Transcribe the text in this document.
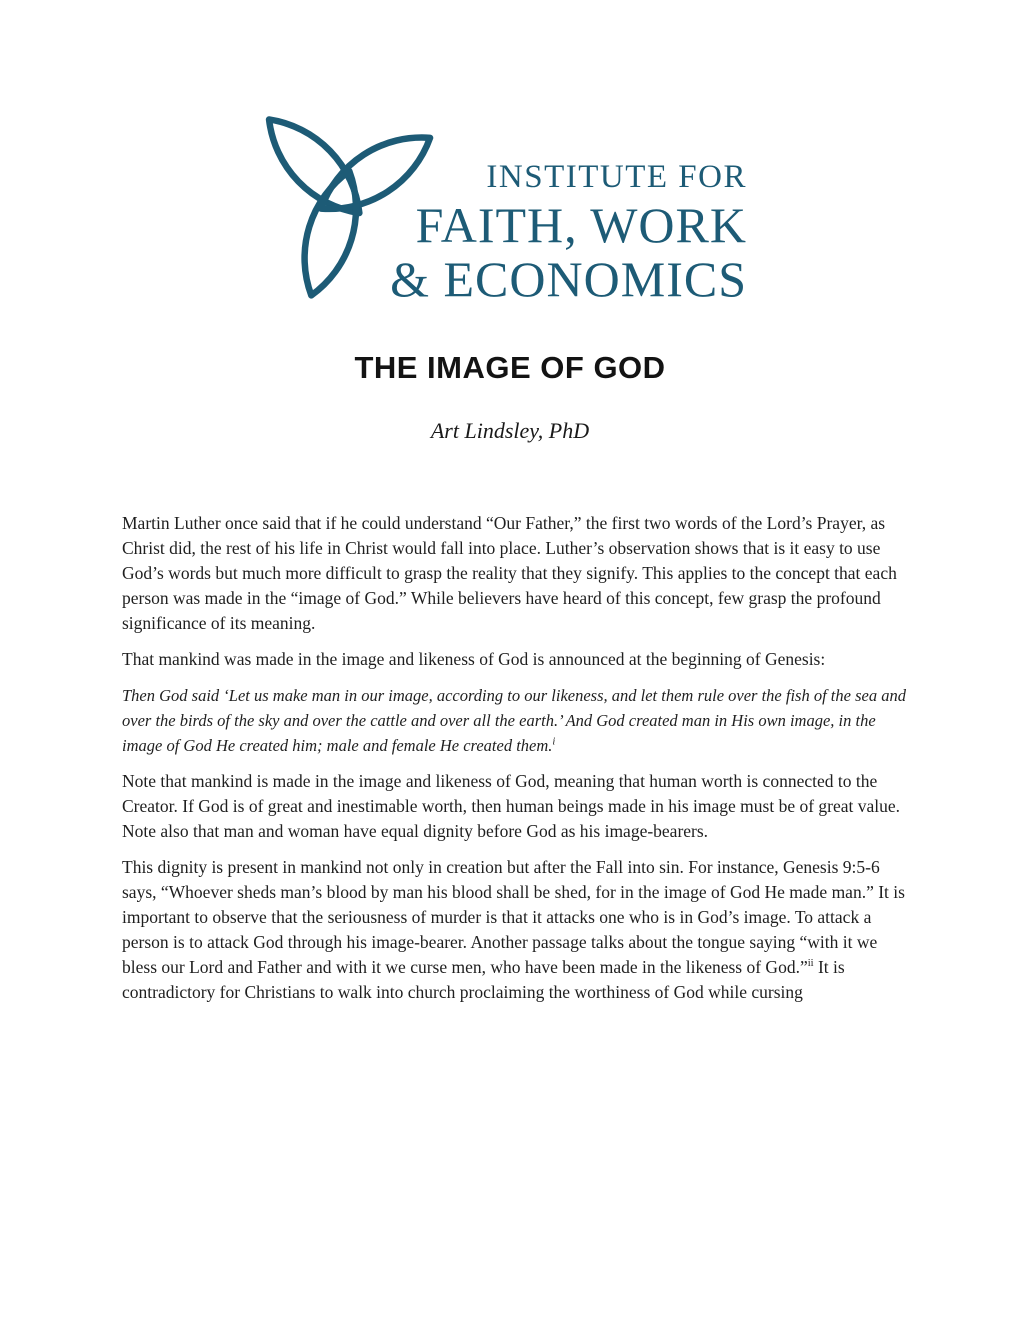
INSTITUTE FOR
FAITH, WORK
& ECONOMICS
THE IMAGE OF GOD
Art Lindsley, PhD

Martin Luther once said that if he could understand “Our Father,” the first two words of the Lord’s Prayer, as Christ did, the rest of his life in Christ would fall into place. Luther’s observation shows that is it easy to use God’s words but much more difficult to grasp the reality that they signify. This applies to the concept that each person was made in the “image of God.” While believers have heard of this concept, few grasp the profound significance of its meaning.

That mankind was made in the image and likeness of God is announced at the beginning of Genesis:

Then God said ‘Let us make man in our image, according to our likeness, and let them rule over the fish of the sea and over the birds of the sky and over the cattle and over all the earth.’ And God created man in His own image, in the image of God He created him; male and female He created them.$^i$

Note that mankind is made in the image and likeness of God, meaning that human worth is connected to the Creator. If God is of great and inestimable worth, then human beings made in his image must be of great value. Note also that man and woman have equal dignity before God as his image-bearers.

This dignity is present in mankind not only in creation but after the Fall into sin. For instance, Genesis 9:5-6 says, “Whoever sheds man’s blood by man his blood shall be shed, for in the image of God He made man.” It is important to observe that the seriousness of murder is that it attacks one who is in God’s image. To attack a person is to attack God through his image-bearer. Another passage talks about the tongue saying “with it we bless our Lord and Father and with it we curse men, who have been made in the likeness of God.”$^{ii}$ It is contradictory for Christians to walk into church proclaiming the worthiness of God while cursing
